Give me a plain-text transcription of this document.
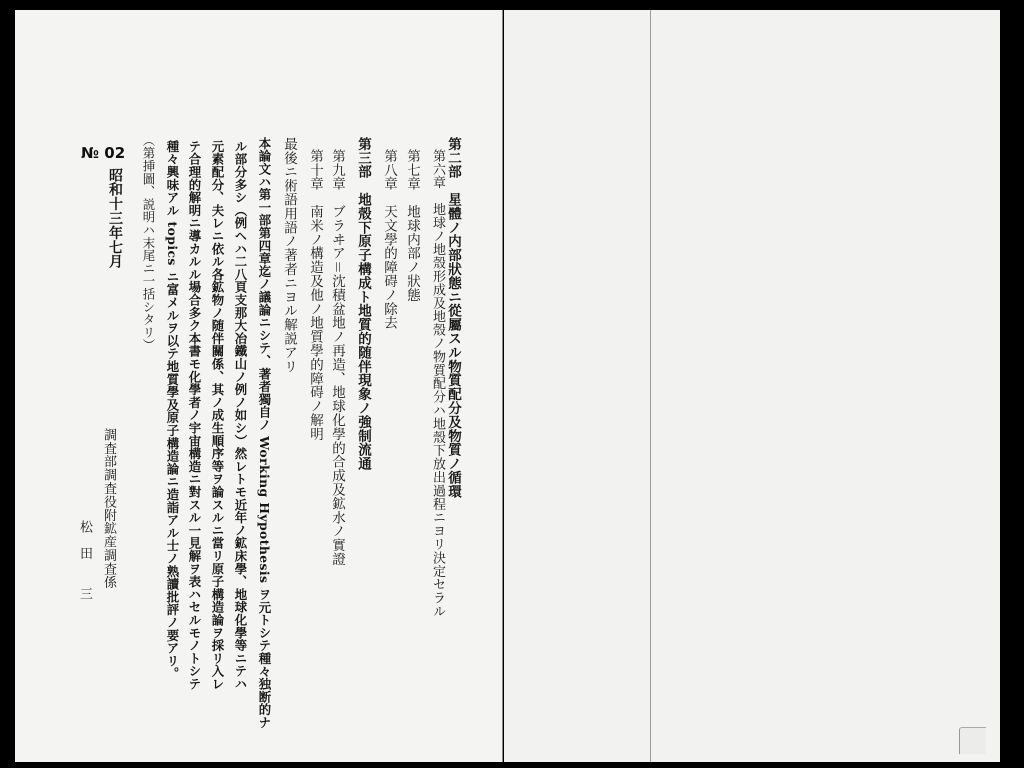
第二部　星體ノ内部狀態ニ從屬スル物質配分及物質ノ循環
第六章　地球ノ地殼形成及地殼ノ物質配分ハ地殼下放出過程ニヨリ決定セラル
第七章　地球内部ノ狀態
第八章　天文學的障碍ノ除去
第三部　地殼下原子構成ト地質的随伴現象ノ強制流通
第九章　ブラヰア＝沈積盆地ノ再造、地球化學的合成及鉱水ノ實證
第十章　南米ノ構造及他ノ地質學的障碍ノ解明
最後ニ術語用語ノ著者ニヨル解説アリ
本論文ハ第一部第四章迄ノ議論ニシテ、著者獨自ノ Working Hypothesis ヲ元トシテ種々独断的ナ
ル部分多シ（例ヘハ二八頁支那大冶鐵山ノ例ノ如シ）然レトモ近年ノ鉱床學、地球化學等ニテハ
元素配分、夫レニ依ル各鉱物ノ随伴關係、其ノ成生順序等ヲ論スルニ當リ原子構造論ヲ採リ入レ
テ合理的解明ニ導カルル場合多ク本書モ化學者ノ宇宙構造ニ對スル一見解ヲ表ハセルモノトシテ
種々興味アル topics ニ富メルヲ以テ地質學及原子構造論ニ造詣アル士ノ熟讀批評ノ要アリ。
（第挿圖、説明ハ末尾ニ一括シタリ）
昭和十三年七月
調査部調査役附鉱産調査係
松　田　　三
№ 02
